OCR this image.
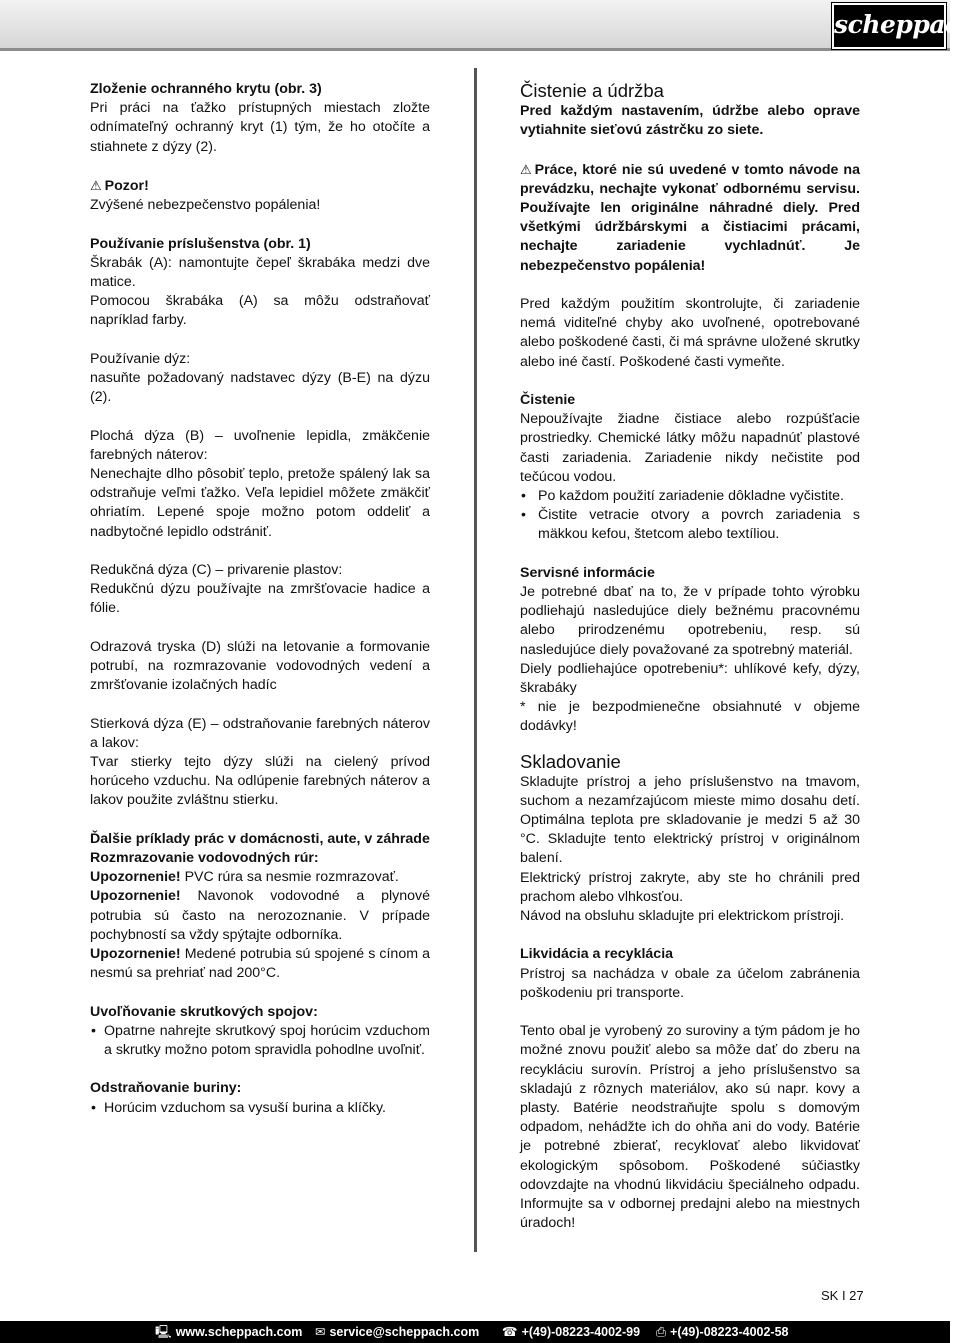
scheppach

Zloženie ochranného krytu (obr. 3)

Pri práci na ťažko prístupných miestach zložte odnímateľný ochranný kryt (1) tým, že ho otočíte a stiahnete z dýzy (2).

⚠ Pozor!

Zvýšené nebezpečenstvo popálenia!

Používanie príslušenstva (obr. 1)

Škrabák (A): namontujte čepeľ škrabáka medzi dve matice.

Pomocou škrabáka (A) sa môžu odstraňovať napríklad farby.

Používanie dýz:

nasuňte požadovaný nadstavec dýzy (B-E) na dýzu (2).

Plochá dýza (B) – uvoľnenie lepidla, zmäkčenie farebných náterov:

Nenechajte dlho pôsobiť teplo, pretože spálený lak sa odstraňuje veľmi ťažko. Veľa lepidiel môžete zmäkčiť ohriatím. Lepené spoje možno potom oddeliť a nadbytočné lepidlo odstrániť.

Redukčná dýza (C) – privarenie plastov:

Redukčnú dýzu používajte na zmršťovacie hadice a fólie.

Odrazová tryska (D) slúži na letovanie a formovanie potrubí, na rozmrazovanie vodovodných vedení a zmršťovanie izolačných hadíc

Stierková dýza (E) – odstraňovanie farebných náterov a lakov:

Tvar stierky tejto dýzy slúži na cielený prívod horúceho vzduchu. Na odlúpenie farebných náterov a lakov použite zvláštnu stierku.

Ďalšie príklady prác v domácnosti, aute, v záhrade

Rozmrazovanie vodovodných rúr:

Upozornenie! PVC rúra sa nesmie rozmrazovať.

Upozornenie! Navonok vodovodné a plynové potrubia sú často na nerozoznanie. V prípade pochybností sa vždy spýtajte odborníka.

Upozornenie! Medené potrubia sú spojené s cínom a nesmú sa prehriať nad 200°C.

Uvoľňovanie skrutkových spojov:

• Opatrne nahrejte skrutkový spoj horúcim vzduchom a skrutky možno potom spravidla pohodlne uvoľniť.

Odstraňovanie buriny:

• Horúcim vzduchom sa vysuší burina a klíčky.

Čistenie a údržba

Pred každým nastavením, údržbe alebo oprave vytiahnite sieťovú zástrčku zo siete.

⚠ Práce, ktoré nie sú uvedené v tomto návode na prevádzku, nechajte vykonať odbornému servisu. Používajte len originálne náhradné diely. Pred všetkými údržbárskymi a čistiacimi prácami, nechajte zariadenie vychladnúť. Je nebezpečenstvo popálenia!

Pred každým použitím skontrolujte, či zariadenie nemá viditeľné chyby ako uvoľnené, opotrebované alebo poškodené časti, či má správne uložené skrutky alebo iné častí. Poškodené časti vymeňte.

Čistenie

Nepoužívajte žiadne čistiace alebo rozpúšťacie prostriedky. Chemické látky môžu napadnúť plastové časti zariadenia. Zariadenie nikdy nečistite pod tečúcou vodou.

• Po každom použití zariadenie dôkladne vyčistite.
• Čistite vetracie otvory a povrch zariadenia s mäkkou kefou, štetcom alebo textíliou.

Servisné informácie

Je potrebné dbať na to, že v prípade tohto výrobku podliehajú nasledujúce diely bežnému pracovnému alebo prirodzenému opotrebeniu, resp. sú nasledujúce diely považované za spotrebný materiál.

Diely podliehajúce opotrebeniu*: uhlíkové kefy, dýzy, škrabáky

* nie je bezpodmienečne obsiahnuté v objeme dodávky!

Skladovanie

Skladujte prístroj a jeho príslušenstvo na tmavom, suchom a nezamŕzajúcom mieste mimo dosahu detí. Optimálna teplota pre skladovanie je medzi 5 až 30 °C. Skladujte tento elektrický prístroj v originálnom balení.

Elektrický prístroj zakryte, aby ste ho chránili pred prachom alebo vlhkosťou.

Návod na obsluhu skladujte pri elektrickom prístroji.

Likvidácia a recyklácia

Prístroj sa nachádza v obale za účelom zabránenia poškodeniu pri transporte.

Tento obal je vyrobený zo suroviny a tým pádom je ho možné znovu použiť alebo sa môže dať do zberu na recykláciu surovín. Prístroj a jeho príslušenstvo sa skladajú z rôznych materiálov, ako sú napr. kovy a plasty. Batérie neodstraňujte spolu s domovým odpadom, nehádžte ich do ohňa ani do vody. Batérie je potrebné zbierať, recyklovať alebo likvidovať ekologickým spôsobom. Poškodené súčiastky odovzdajte na vhodnú likvidáciu špeciálneho odpadu. Informujte sa v odbornej predajni alebo na miestnych úradoch!

SK I 27
🖳 www.scheppach.com ✉ service@scheppach.com ☎ +(49)-08223-4002-99 ⎙ +(49)-08223-4002-58
